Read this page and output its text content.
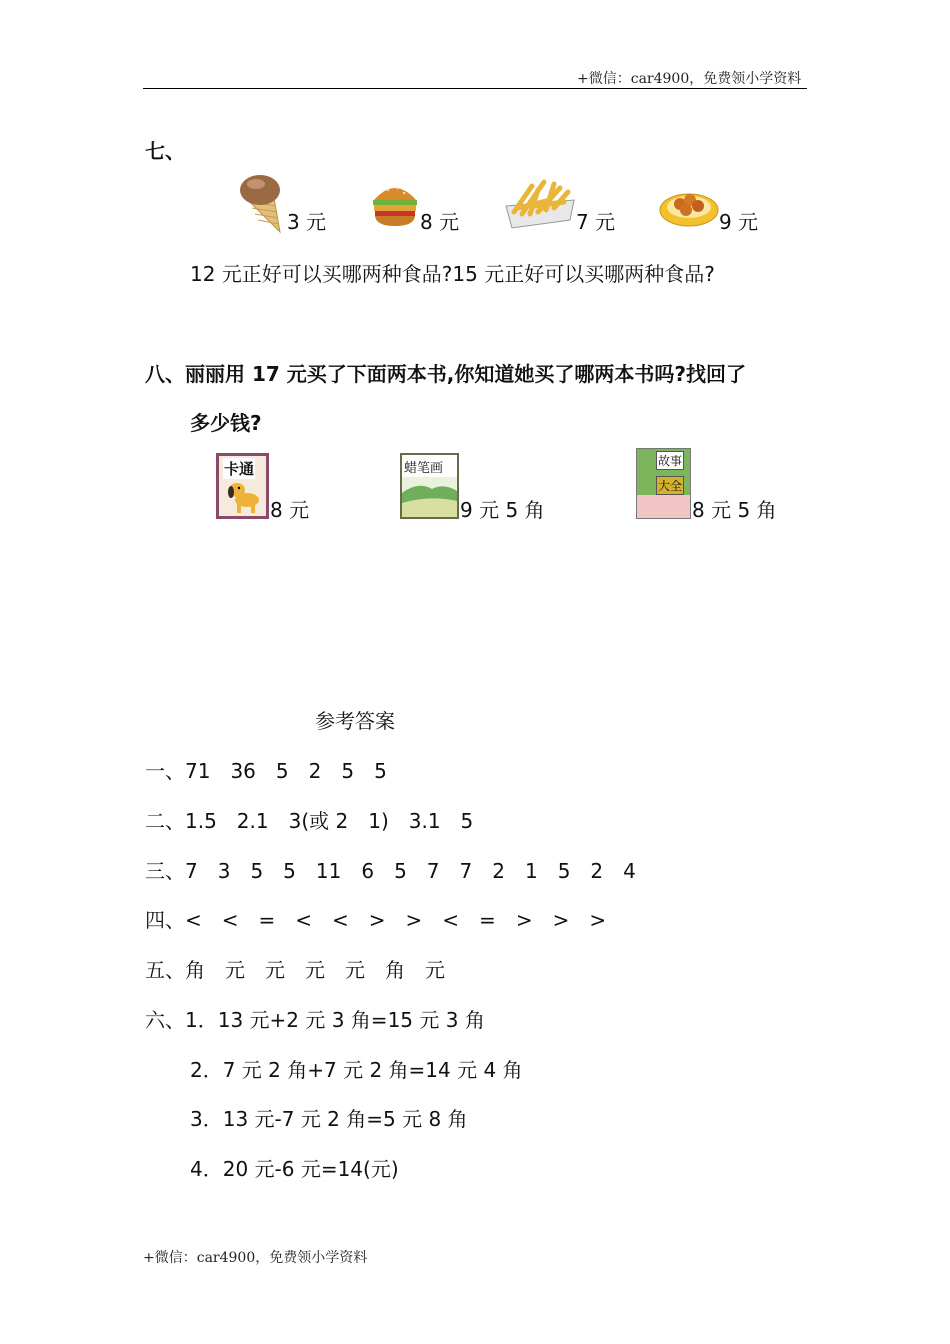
+微信：car4900，免费领小学资料
七、
3 元	8 元	7 元	9 元
12 元正好可以买哪两种食品?15 元正好可以买哪两种食品?
八、丽丽用 17 元买了下面两本书,你知道她买了哪两本书吗?找回了
多少钱?
卡通
8 元
蜡笔画
9 元 5 角
故事
大全
8 元 5 角
参考答案
一、71　36　5　2　5　5
二、1.5　2.1　3(或 2　1)　3.1　5
三、7　3　5　5　11　6　5　7　7　2　1　5　2　4
四、<　<　=　<　<　>　>　<　=　>　>　>
五、角　元　元　元　元　角　元
六、1．13 元+2 元 3 角=15 元 3 角
2．7 元 2 角+7 元 2 角=14 元 4 角
3．13 元-7 元 2 角=5 元 8 角
4．20 元-6 元=14(元)
+微信：car4900，免费领小学资料
